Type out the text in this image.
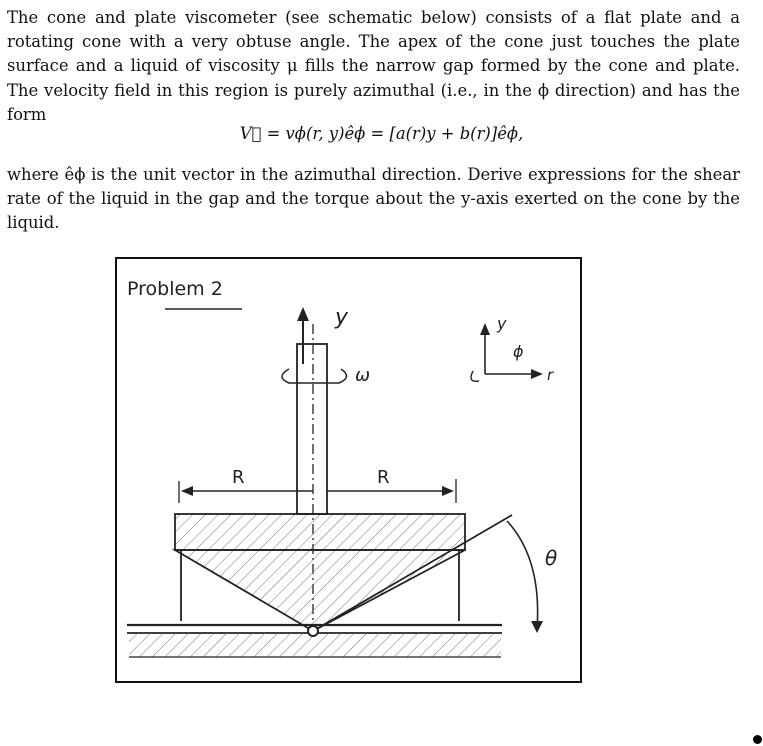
The cone and plate viscometer (see schematic below) consists of a flat plate and a rotating cone with a very obtuse angle. The apex of the cone just touches the plate surface and a liquid of viscosity μ fills the narrow gap formed by the cone and plate. The velocity field in this region is purely azimuthal (i.e., in the ϕ direction) and has the form

V⃗ = vϕ(r, y)êϕ = [a(r)y + b(r)]êϕ,

where êϕ is the unit vector in the azimuthal direction. Derive expressions for the shear rate of the liquid in the gap and the torque about the y-axis exerted on the cone by the liquid.

Problem 2
y
ω
y
r
ϕ
R	R
θ
